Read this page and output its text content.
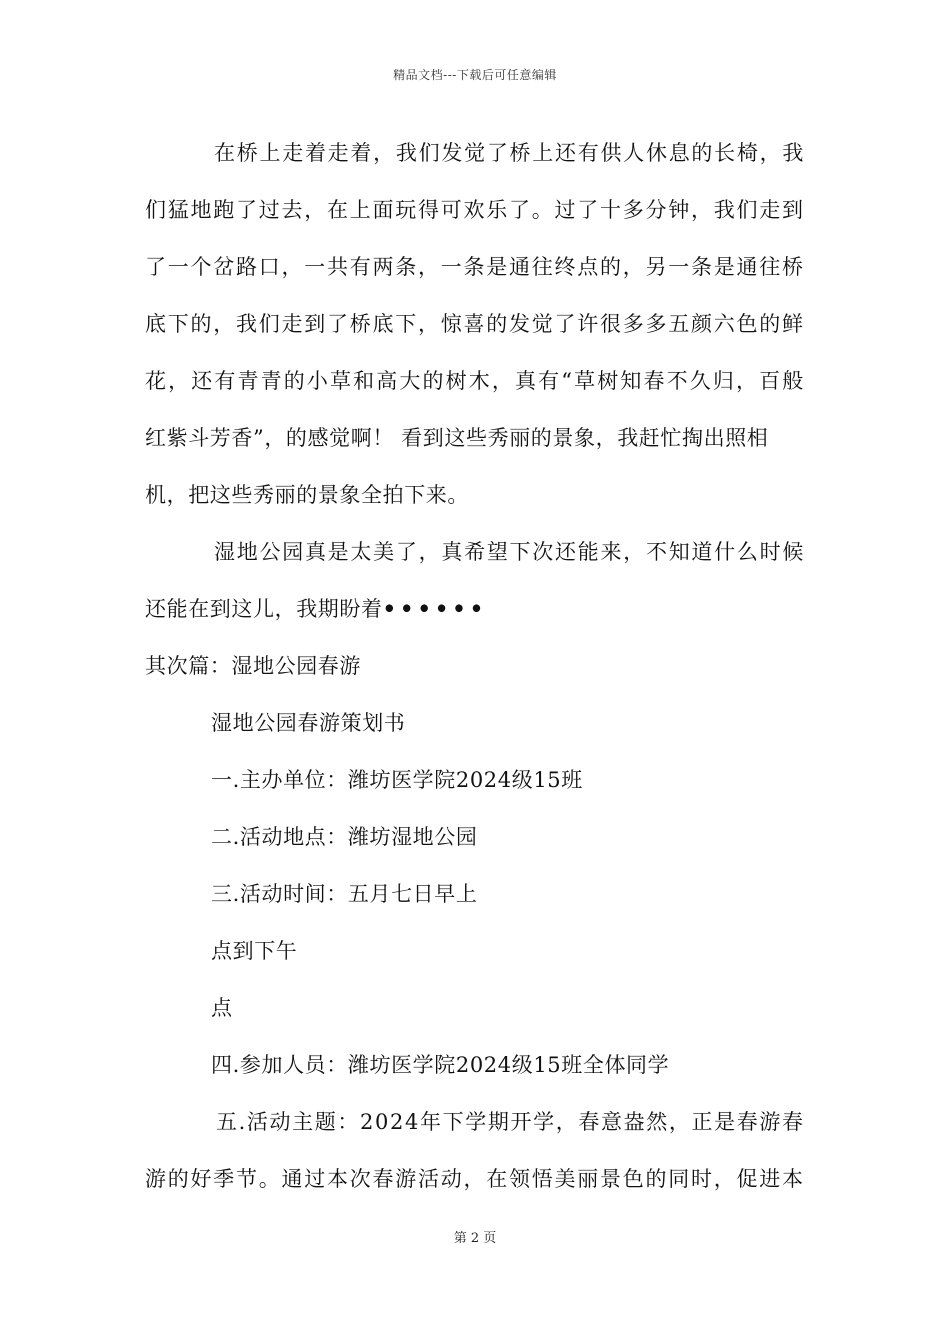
精品文档---下载后可任意编辑
在 桥 上 走 着 走 着 ， 我 们 发 觉 了 桥 上 还 有 供 人 休 息 的 长 椅 ， 我
们 猛 地 跑 了 过 去 ， 在 上 面 玩 得 可 欢 乐 了 。 过 了 十 多 分 钟 ， 我 们 走 到
了 一 个 岔 路 口 ， 一 共 有 两 条 ， 一 条 是 通 往 终 点 的 ， 另 一 条 是 通 往 桥
底 下 的 ， 我 们 走 到 了 桥 底 下 ， 惊 喜 的 发 觉 了 许 很 多 多 五 颜 六 色 的 鲜
花 ， 还 有 青 青 的 小 草 和 高 大 的 树 木 ， 真 有 “ 草 树 知 春 不 久 归 ， 百 般
红紫斗芳香”，的感觉啊！ 看到这些秀丽的景象，我赶忙掏出照相
机，把这些秀丽的景象全拍下来。
湿 地 公 园 真 是 太 美 了 ， 真 希 望 下 次 还 能 来 ， 不 知 道 什 么 时 候
还能在到这儿，我期盼着••••••
其次篇：湿地公园春游
湿地公园春游策划书
一.主办单位：潍坊医学院2024级15班
二.活动地点：潍坊湿地公园
三.活动时间：五月七日早上
点到下午
点
四.参加人员：潍坊医学院2024级15班全体同学
五 . 活 动 主 题 ： 2 0 2 4 年 下 学 期 开 学 ， 春 意 盎 然 ， 正 是 春 游 春
游 的 好 季 节 。 通 过 本 次 春 游 活 动 ， 在 领 悟 美 丽 景 色 的 同 时 ， 促 进 本
第 2 页
